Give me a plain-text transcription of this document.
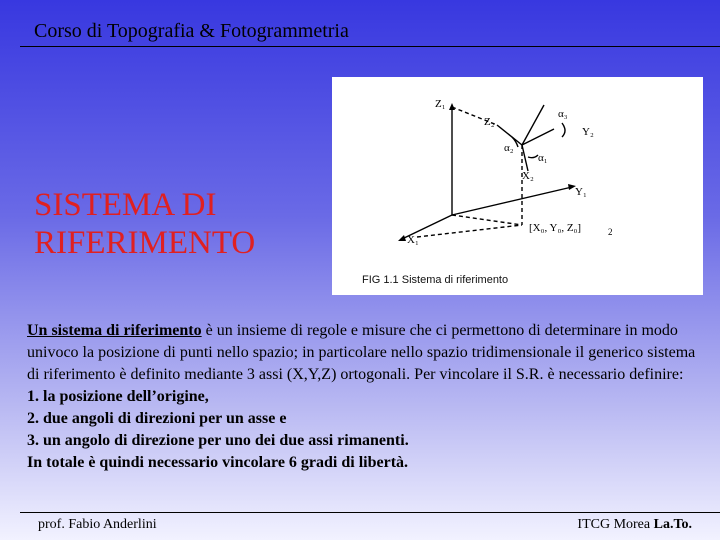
Corso di Topografia & Fotogrammetria
SISTEMA DI
RIFERIMENTO
Z₁
Z₂
α₃
Y₂
α₂
α₁
X₂
Y₁
X₁
[X₀, Y₀, Z₀]	2
FIG 1.1 Sistema di riferimento

Un sistema di riferimento è un insieme di regole e misure che ci permettono di determinare in modo univoco la posizione di punti nello spazio; in particolare nello spazio tridimensionale il generico sistema di riferimento è definito mediante 3 assi (X,Y,Z) ortogonali. Per vincolare il S.R. è necessario definire:

1. la posizione dell’origine,

2. due angoli di direzioni per un asse e

3. un angolo di direzione per uno dei due assi rimanenti.

In totale è quindi necessario vincolare 6 gradi di libertà.

prof. Fabio Anderlini	ITCG Morea La.To.
